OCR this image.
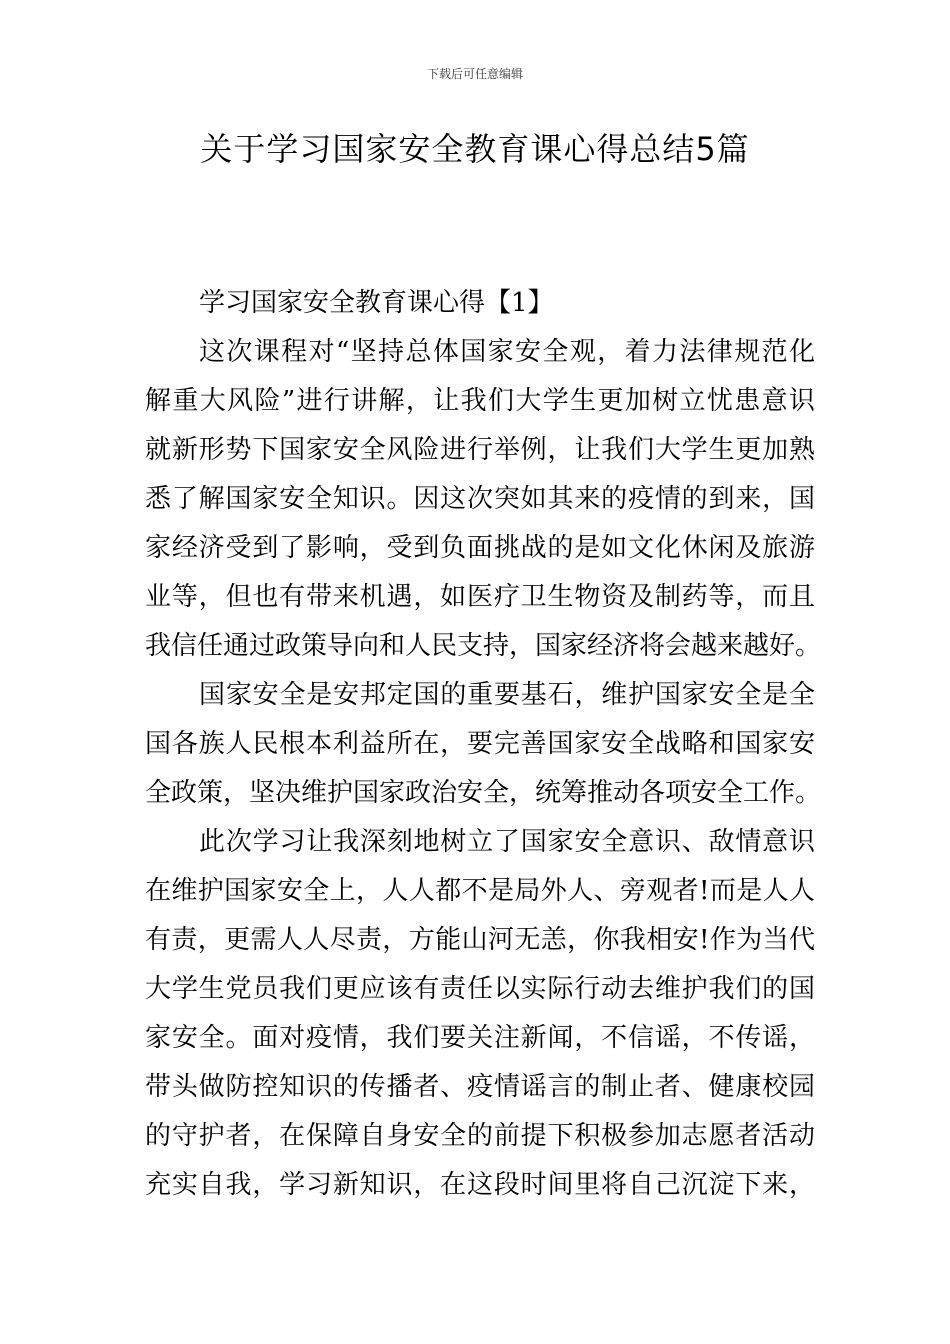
下载后可任意编辑
关于学习国家安全教育课心得总结5篇
学习国家安全教育课心得【1】
这次课程对“坚持总体国家安全观，着力法律规范化
解重大风险”进行讲解，让我们大学生更加树立忧患意识
就新形势下国家安全风险进行举例，让我们大学生更加熟
悉了解国家安全知识。因这次突如其来的疫情的到来，国
家经济受到了影响，受到负面挑战的是如文化休闲及旅游
业等，但也有带来机遇，如医疗卫生物资及制药等，而且
我信任通过政策导向和人民支持，国家经济将会越来越好。
国家安全是安邦定国的重要基石，维护国家安全是全
国各族人民根本利益所在，要完善国家安全战略和国家安
全政策，坚决维护国家政治安全，统筹推动各项安全工作。
此次学习让我深刻地树立了国家安全意识、敌情意识
在维护国家安全上，人人都不是局外人、旁观者!而是人人
有责，更需人人尽责，方能山河无恙，你我相安!作为当代
大学生党员我们更应该有责任以实际行动去维护我们的国
家安全。面对疫情，我们要关注新闻，不信谣，不传谣，
带头做防控知识的传播者、疫情谣言的制止者、健康校园
的守护者，在保障自身安全的前提下积极参加志愿者活动
充实自我，学习新知识，在这段时间里将自己沉淀下来，
